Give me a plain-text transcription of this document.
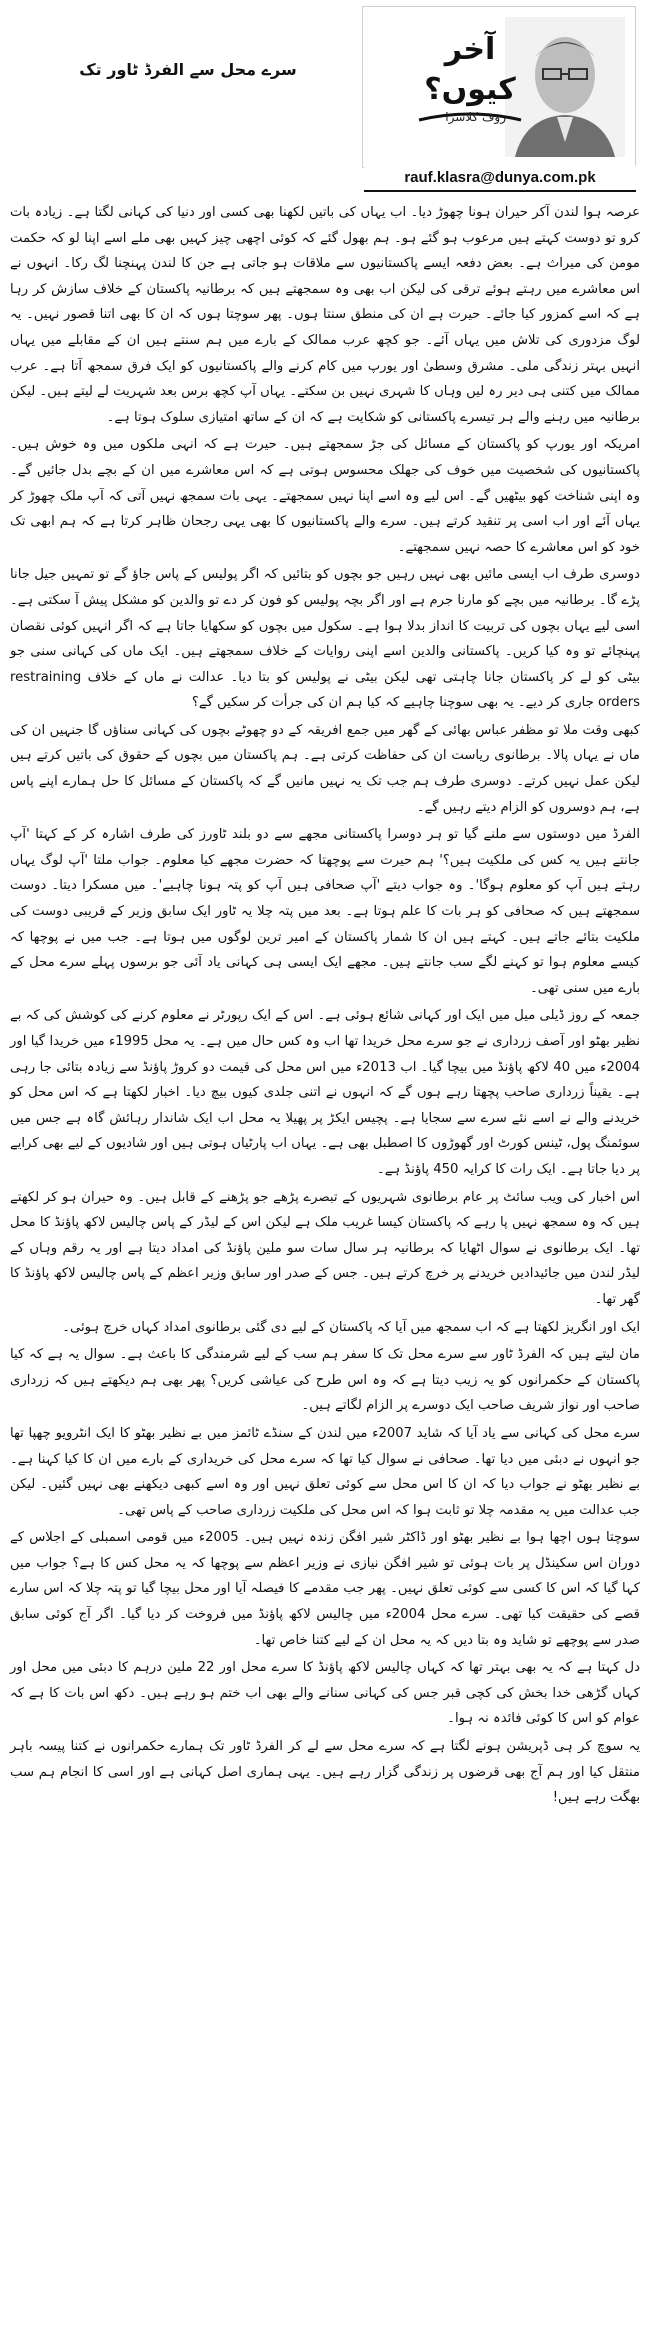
آخر کیوں؟
رؤف کلاسرا
rauf.klasra@dunya.com.pk
سرے محل سے الفرڈ ٹاور تک

عرصہ ہوا لندن آکر حیران ہونا چھوڑ دیا۔ اب یہاں کی باتیں لکھنا بھی کسی اور دنیا کی کہانی لگتا ہے۔ زیادہ بات کرو تو دوست کہتے ہیں مرعوب ہو گئے ہو۔ ہم بھول گئے کہ کوئی اچھی چیز کہیں بھی ملے اسے اپنا لو کہ حکمت مومن کی میراث ہے۔ بعض دفعہ ایسے پاکستانیوں سے ملاقات ہو جاتی ہے جن کا لندن پہنچنا لگ رکا۔ انہوں نے اس معاشرے میں رہتے ہوئے ترقی کی لیکن اب بھی وہ سمجھتے ہیں کہ برطانیہ پاکستان کے خلاف سازش کر رہا ہے کہ اسے کمزور کیا جائے۔ حیرت ہے ان کی منطق سنتا ہوں۔ پھر سوچتا ہوں کہ ان کا بھی اتنا قصور نہیں۔ یہ لوگ مزدوری کی تلاش میں یہاں آئے۔ جو کچھ عرب ممالک کے بارے میں ہم سنتے ہیں ان کے مقابلے میں یہاں انہیں بہتر زندگی ملی۔ مشرق وسطیٰ اور یورپ میں کام کرنے والے پاکستانیوں کو ایک فرق سمجھ آتا ہے۔ عرب ممالک میں کتنی ہی دیر رہ لیں وہاں کا شہری نہیں بن سکتے۔ یہاں آپ کچھ برس بعد شہریت لے لیتے ہیں۔ لیکن برطانیہ میں رہنے والے ہر تیسرے پاکستانی کو شکایت ہے کہ ان کے ساتھ امتیازی سلوک ہوتا ہے۔

امریکہ اور یورپ کو پاکستان کے مسائل کی جڑ سمجھتے ہیں۔ حیرت ہے کہ انہی ملکوں میں وہ خوش ہیں۔ پاکستانیوں کی شخصیت میں خوف کی جھلک محسوس ہوتی ہے کہ اس معاشرے میں ان کے بچے بدل جائیں گے۔ وہ اپنی شناخت کھو بیٹھیں گے۔ اس لیے وہ اسے اپنا نہیں سمجھتے۔ یہی بات سمجھ نہیں آتی کہ آپ ملک چھوڑ کر یہاں آئے اور اب اسی پر تنقید کرتے ہیں۔ سرے والے پاکستانیوں کا بھی یہی رجحان ظاہر کرتا ہے کہ ہم ابھی تک خود کو اس معاشرے کا حصہ نہیں سمجھتے۔

دوسری طرف اب ایسی مائیں بھی نہیں رہیں جو بچوں کو بتائیں کہ اگر پولیس کے پاس جاؤ گے تو تمہیں جیل جانا پڑے گا۔ برطانیہ میں بچے کو مارنا جرم ہے اور اگر بچہ پولیس کو فون کر دے تو والدین کو مشکل پیش آ سکتی ہے۔ اسی لیے یہاں بچوں کی تربیت کا انداز بدلا ہوا ہے۔ سکول میں بچوں کو سکھایا جاتا ہے کہ اگر انہیں کوئی نقصان پہنچائے تو وہ کیا کریں۔ پاکستانی والدین اسے اپنی روایات کے خلاف سمجھتے ہیں۔ ایک ماں کی کہانی سنی جو بیٹی کو لے کر پاکستان جانا چاہتی تھی لیکن بیٹی نے پولیس کو بتا دیا۔ عدالت نے ماں کے خلاف restraining orders جاری کر دیے۔ یہ بھی سوچنا چاہیے کہ کیا ہم ان کی جرأت کر سکیں گے؟

کبھی وقت ملا تو مظفر عباس بھائی کے گھر میں جمع افریقہ کے دو چھوٹے بچوں کی کہانی سناؤں گا جنہیں ان کی ماں نے یہاں پالا۔ برطانوی ریاست ان کی حفاظت کرتی ہے۔ ہم پاکستان میں بچوں کے حقوق کی باتیں کرتے ہیں لیکن عمل نہیں کرتے۔ دوسری طرف ہم جب تک یہ نہیں مانیں گے کہ پاکستان کے مسائل کا حل ہمارے اپنے پاس ہے، ہم دوسروں کو الزام دیتے رہیں گے۔

الفرڈ میں دوستوں سے ملنے گیا تو ہر دوسرا پاکستانی مجھے سے دو بلند ٹاورز کی طرف اشارہ کر کے کہتا 'آپ جانتے ہیں یہ کس کی ملکیت ہیں؟' ہم حیرت سے پوچھتا کہ حضرت مجھے کیا معلوم۔ جواب ملتا 'آپ لوگ یہاں رہتے ہیں آپ کو معلوم ہوگا'۔ وہ جواب دیتے 'آپ صحافی ہیں آپ کو پتہ ہونا چاہیے'۔ میں مسکرا دیتا۔ دوست سمجھتے ہیں کہ صحافی کو ہر بات کا علم ہوتا ہے۔ بعد میں پتہ چلا یہ ٹاور ایک سابق وزیر کے قریبی دوست کی ملکیت بتائے جاتے ہیں۔ کہتے ہیں ان کا شمار پاکستان کے امیر ترین لوگوں میں ہوتا ہے۔ جب میں نے پوچھا کہ کیسے معلوم ہوا تو کہنے لگے سب جانتے ہیں۔ مجھے ایک ایسی ہی کہانی یاد آئی جو برسوں پہلے سرے محل کے بارے میں سنی تھی۔

جمعہ کے روز ڈیلی میل میں ایک اور کہانی شائع ہوئی ہے۔ اس کے ایک رپورٹر نے معلوم کرنے کی کوشش کی کہ بے نظیر بھٹو اور آصف زرداری نے جو سرے محل خریدا تھا اب وہ کس حال میں ہے۔ یہ محل 1995ء میں خریدا گیا اور 2004ء میں 40 لاکھ پاؤنڈ میں بیچا گیا۔ اب 2013ء میں اس محل کی قیمت دو کروڑ پاؤنڈ سے زیادہ بتائی جا رہی ہے۔ یقیناً زرداری صاحب پچھتا رہے ہوں گے کہ انہوں نے اتنی جلدی کیوں بیچ دیا۔ اخبار لکھتا ہے کہ اس محل کو خریدنے والے نے اسے نئے سرے سے سجایا ہے۔ پچیس ایکڑ پر پھیلا یہ محل اب ایک شاندار رہائش گاہ ہے جس میں سوئمنگ پول، ٹینس کورٹ اور گھوڑوں کا اصطبل بھی ہے۔ یہاں اب پارٹیاں ہوتی ہیں اور شادیوں کے لیے بھی کرایے پر دیا جاتا ہے۔ ایک رات کا کرایہ 450 پاؤنڈ ہے۔

اس اخبار کی ویب سائٹ پر عام برطانوی شہریوں کے تبصرے پڑھے جو پڑھنے کے قابل ہیں۔ وہ حیران ہو کر لکھتے ہیں کہ وہ سمجھ نہیں پا رہے کہ پاکستان کیسا غریب ملک ہے لیکن اس کے لیڈر کے پاس چالیس لاکھ پاؤنڈ کا محل تھا۔ ایک برطانوی نے سوال اٹھایا کہ برطانیہ ہر سال سات سو ملین پاؤنڈ کی امداد دیتا ہے اور یہ رقم وہاں کے لیڈر لندن میں جائیدادیں خریدنے پر خرچ کرتے ہیں۔ جس کے صدر اور سابق وزیر اعظم کے پاس چالیس لاکھ پاؤنڈ کا گھر تھا۔

ایک اور انگریز لکھتا ہے کہ اب سمجھ میں آیا کہ پاکستان کے لیے دی گئی برطانوی امداد کہاں خرچ ہوئی۔

مان لیتے ہیں کہ الفرڈ ٹاور سے سرے محل تک کا سفر ہم سب کے لیے شرمندگی کا باعث ہے۔ سوال یہ ہے کہ کیا پاکستان کے حکمرانوں کو یہ زیب دیتا ہے کہ وہ اس طرح کی عیاشی کریں؟ پھر بھی ہم دیکھتے ہیں کہ زرداری صاحب اور نواز شریف صاحب ایک دوسرے پر الزام لگاتے ہیں۔

سرے محل کی کہانی سے یاد آیا کہ شاید 2007ء میں لندن کے سنڈے ٹائمز میں بے نظیر بھٹو کا ایک انٹرویو چھپا تھا جو انہوں نے دبئی میں دیا تھا۔ صحافی نے سوال کیا تھا کہ سرے محل کی خریداری کے بارے میں ان کا کیا کہنا ہے۔ بے نظیر بھٹو نے جواب دیا کہ ان کا اس محل سے کوئی تعلق نہیں اور وہ اسے کبھی دیکھنے بھی نہیں گئیں۔ لیکن جب عدالت میں یہ مقدمہ چلا تو ثابت ہوا کہ اس محل کی ملکیت زرداری صاحب کے پاس تھی۔

سوچتا ہوں اچھا ہوا بے نظیر بھٹو اور ڈاکٹر شیر افگن زندہ نہیں ہیں۔ 2005ء میں قومی اسمبلی کے اجلاس کے دوران اس سکینڈل پر بات ہوئی تو شیر افگن نیازی نے وزیر اعظم سے پوچھا کہ یہ محل کس کا ہے؟ جواب میں کہا گیا کہ اس کا کسی سے کوئی تعلق نہیں۔ پھر جب مقدمے کا فیصلہ آیا اور محل بیچا گیا تو پتہ چلا کہ اس سارے قصے کی حقیقت کیا تھی۔ سرے محل 2004ء میں چالیس لاکھ پاؤنڈ میں فروخت کر دیا گیا۔ اگر آج کوئی سابق صدر سے پوچھے تو شاید وہ بتا دیں کہ یہ محل ان کے لیے کتنا خاص تھا۔

دل کہتا ہے کہ یہ بھی بہتر تھا کہ کہاں چالیس لاکھ پاؤنڈ کا سرے محل اور 22 ملین درہم کا دبئی میں محل اور کہاں گڑھی خدا بخش کی کچی قبر جس کی کہانی سنانے والے بھی اب ختم ہو رہے ہیں۔ دکھ اس بات کا ہے کہ عوام کو اس کا کوئی فائدہ نہ ہوا۔

یہ سوچ کر ہی ڈپریشن ہونے لگتا ہے کہ سرے محل سے لے کر الفرڈ ٹاور تک ہمارے حکمرانوں نے کتنا پیسہ باہر منتقل کیا اور ہم آج بھی قرضوں پر زندگی گزار رہے ہیں۔ یہی ہماری اصل کہانی ہے اور اسی کا انجام ہم سب بھگت رہے ہیں!
